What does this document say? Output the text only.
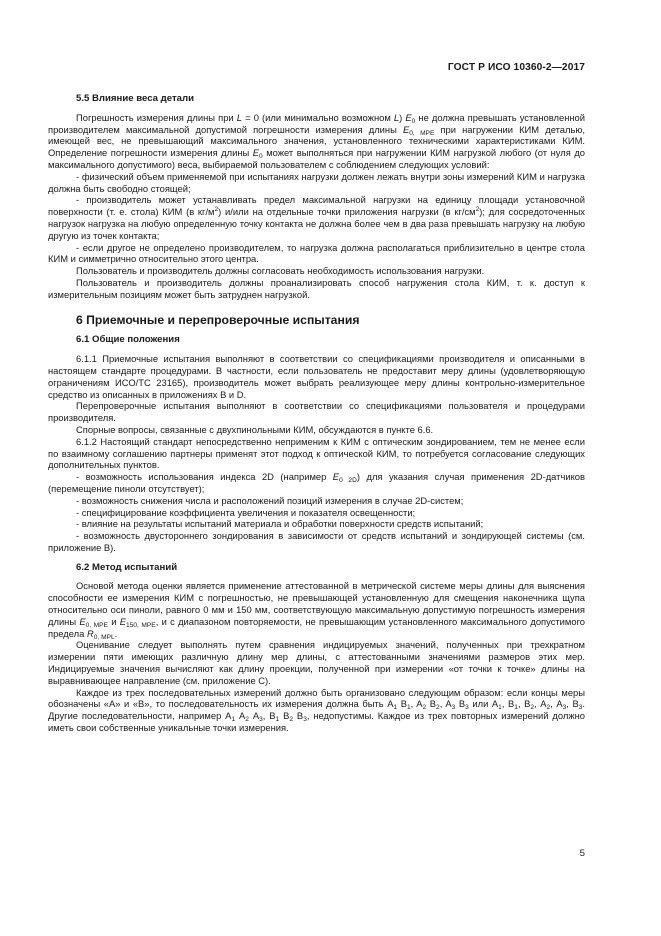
ГОСТ Р ИСО 10360-2—2017
5.5 Влияние веса детали

Погрешность измерения длины при L = 0 (или минимально возможном L) $E_0$ не должна превышать установленной производителем максимальной допустимой погрешности измерения длины $E_{0, MPE}$ при нагружении КИМ деталью, имеющей вес, не превышающий максимального значения, установленного техническими характеристиками КИМ. Определение погрешности измерения длины $E_0$ может выполняться при нагружении КИМ нагрузкой любого (от нуля до максимального допустимого) веса, выбираемой пользователем с соблюдением следующих условий:

- физический объем применяемой при испытаниях нагрузки должен лежать внутри зоны измерений КИМ и нагрузка должна быть свободно стоящей;

- производитель может устанавливать предел максимальной нагрузки на единицу площади установочной поверхности (т. е. стола) КИМ (в $кг/м^2$) и/или на отдельные точки приложения нагрузки (в $кг/см^2$); для сосредоточенных нагрузок нагрузка на любую определенную точку контакта не должна более чем в два раза превышать нагрузку на любую другую из точек контакта;

- если другое не определено производителем, то нагрузка должна располагаться приблизительно в центре стола КИМ и симметрично относительно этого центра.

Пользователь и производитель должны согласовать необходимость использования нагрузки.

Пользователь и производитель должны проанализировать способ нагружения стола КИМ, т. к. доступ к измерительным позициям может быть затруднен нагрузкой.

6 Приемочные и перепроверочные испытания
6.1 Общие положения

6.1.1 Приемочные испытания выполняют в соответствии со спецификациями производителя и описанными в настоящем стандарте процедурами. В частности, если пользователь не предоставит меру длины (удовлетворяющую ограничениям ИСО/ТС 23165), производитель может выбрать реализующее меру длины контрольно-измерительное средство из описанных в приложениях В и D.

Перепроверочные испытания выполняют в соответствии со спецификациями пользователя и процедурами производителя.

Спорные вопросы, связанные с двухпинольными КИМ, обсуждаются в пункте 6.6.

6.1.2 Настоящий стандарт непосредственно неприменим к КИМ с оптическим зондированием, тем не менее если по взаимному соглашению партнеры применят этот подход к оптической КИМ, то потребуется согласование следующих дополнительных пунктов.

- возможность использования индекса 2D (например $E_{0 2D}$) для указания случая применения 2D-датчиков (перемещение пиноли отсутствует);

- возможность снижения числа и расположений позиций измерения в случае 2D-систем;

- специфицирование коэффициента увеличения и показателя освещенности;

- влияние на результаты испытаний материала и обработки поверхности средств испытаний;

- возможность двустороннего зондирования в зависимости от средств испытаний и зондирующей системы (см. приложение В).

6.2 Метод испытаний

Основой метода оценки является применение аттестованной в метрической системе меры длины для выяснения способности ее измерения КИМ с погрешностью, не превышающей установленную для смещения наконечника щупа относительно оси пиноли, равного 0 мм и 150 мм, соответствующую максимальную допустимую погрешность измерения длины $E_{0, MPE}$ и $E_{150, MPE}$, и с диапазоном повторяемости, не превышающим установленного максимального допустимого предела $R_{0, MPL}$.

Оценивание следует выполнять путем сравнения индицируемых значений, полученных при трехкратном измерении пяти имеющих различную длину мер длины, с аттестованными значениями размеров этих мер. Индицируемые значения вычисляют как длину проекции, полученной при измерении «от точки к точке» длины на выравнивающее направление (см. приложение С).

Каждое из трех последовательных измерений должно быть организовано следующим образом: если концы меры обозначены «А» и «В», то последовательность их измерения должна быть $А_1$ $B_1$, $A_2$ $B_2$, $A_3$ $B_3$ или $А_1$, $В_1$, $В_2$, $А_2$, $А_3$, $В_3$. Другие последовательности, например $А_1$ $А_2$ $А_3$, $В_1$ $В_2$ $В_3$, недопустимы. Каждое из трех повторных измерений должно иметь свои собственные уникальные точки измерения.

5
